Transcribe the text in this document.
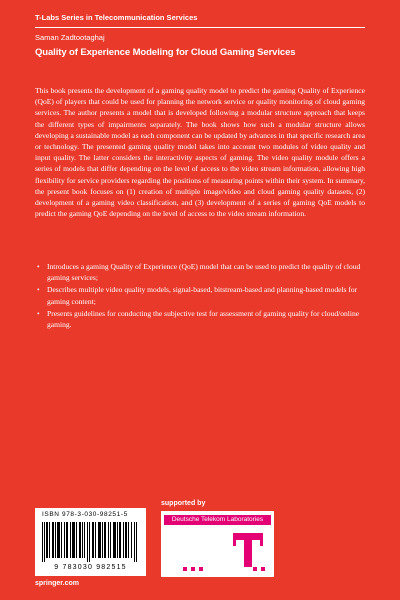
T-Labs Series in Telecommunication Services
Saman Zadtootaghaj
Quality of Experience Modeling for Cloud Gaming Services

This book presents the development of a gaming quality model to predict the gaming Quality of Experience (QoE) of players that could be used for planning the network service or quality monitoring of cloud gaming services. The author presents a model that is developed following a modular structure approach that keeps the different types of impairments separately. The book shows how such a modular structure allows developing a sustainable model as each component can be updated by advances in that specific research area or technology. The presented gaming quality model takes into account two modules of video quality and input quality. The latter considers the interactivity aspects of gaming. The video quality module offers a series of models that differ depending on the level of access to the video stream information, allowing high flexibility for service providers regarding the positions of measuring points within their system. In summary, the present book focuses on (1) creation of multiple image/video and cloud gaming quality datasets, (2) development of a gaming video classification, and (3) development of a series of gaming QoE models to predict the gaming QoE depending on the level of access to the video stream information.

• Introduces a gaming Quality of Experience (QoE) model that can be used to predict the quality of cloud gaming services;
• Describes multiple video quality models, signal-based, bitstream-based and planning-based models for gaming content;
• Presents guidelines for conducting the subjective test for assessment of gaming quality for cloud/online gaming.
ISBN 978-3-030-98251-5
9 783030 982515
springer.com
supported by
Deutsche Telekom Laboratories
